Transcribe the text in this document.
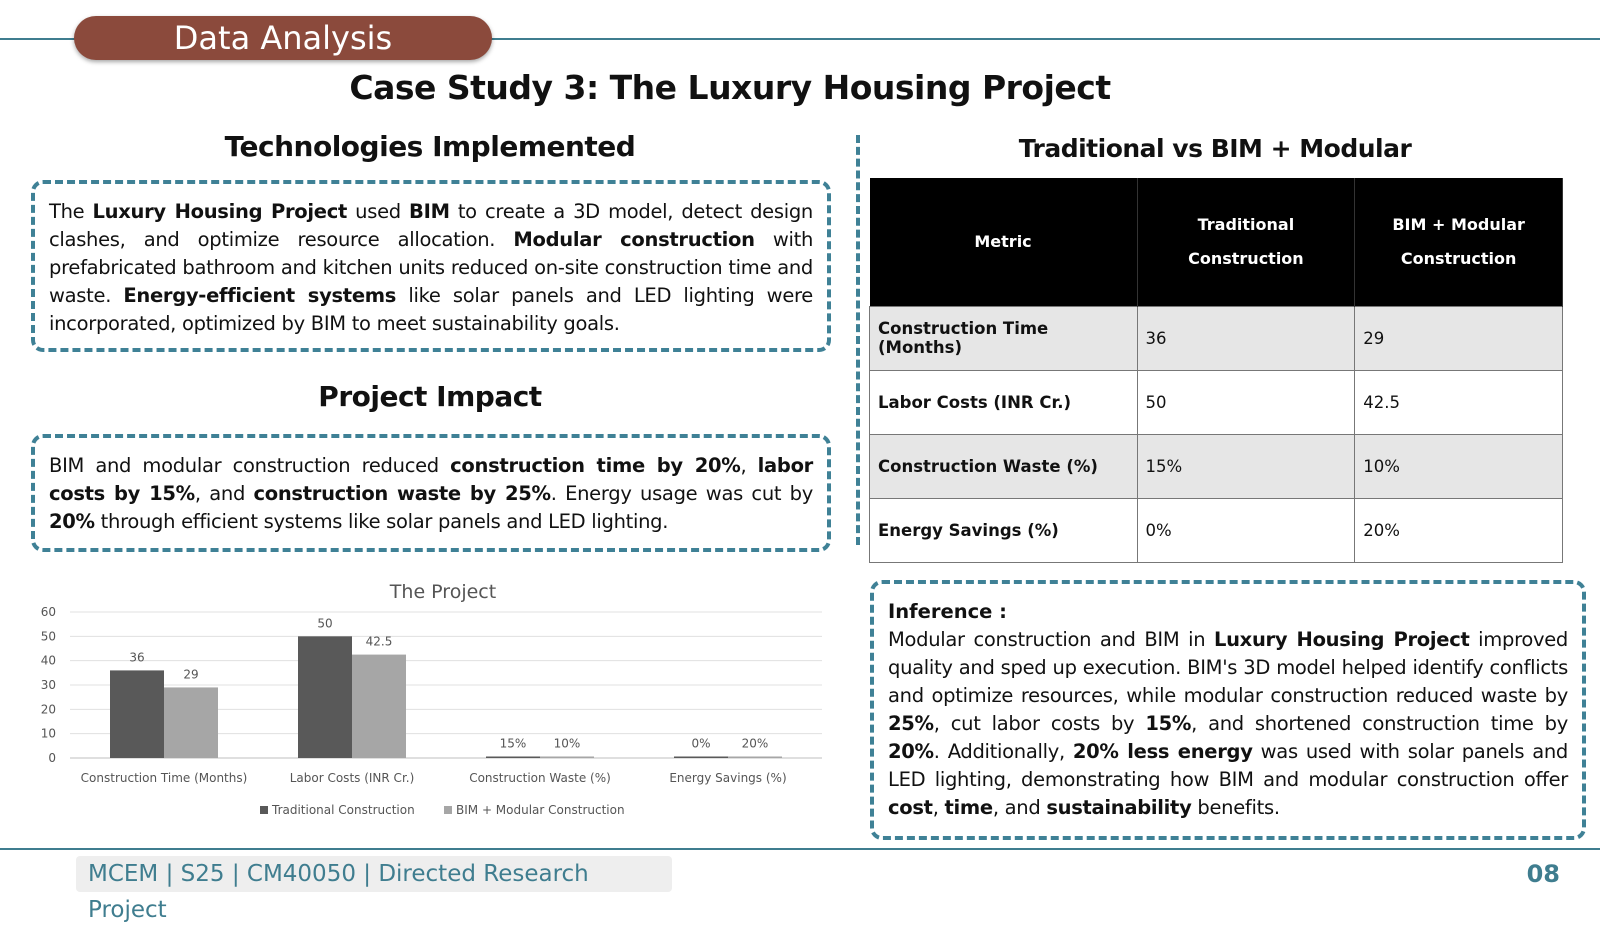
Data Analysis
Case Study 3: The Luxury Housing Project
Technologies Implemented

The Luxury Housing Project used BIM to create a 3D model, detect design clashes, and optimize resource allocation. Modular construction with prefabricated bathroom and kitchen units reduced on-site construction time and waste. Energy-efficient systems like solar panels and LED lighting were incorporated, optimized by BIM to meet sustainability goals.

Project Impact

BIM and modular construction reduced construction time by 20%, labor costs by 15%, and construction waste by 25%. Energy usage was cut by 20% through efficient systems like solar panels and LED lighting.

Traditional vs BIM + Modular
Metric	Traditional Construction	BIM + Modular Construction
Construction Time (Months)	36	29
Labor Costs (INR Cr.)	50	42.5
Construction Waste (%)	15%	10%
Energy Savings (%)	0%	20%
Inference :

Modular construction and BIM in Luxury Housing Project improved quality and sped up execution. BIM's 3D model helped identify conflicts and optimize resources, while modular construction reduced waste by 25%, cut labor costs by 15%, and shortened construction time by 20%. Additionally, 20% less energy was used with solar panels and LED lighting, demonstrating how BIM and modular construction offer cost, time, and sustainability benefits.

The Project
0
10
20
30
40
50
60
36
29
Construction Time (Months)
50
42.5
Labor Costs (INR Cr.)
15% 10%
Construction Waste (%)
0%	20%
Energy Savings (%)
Traditional Construction	BIM + Modular Construction
MCEM | S25 | CM40050 | Directed Research Project
08
